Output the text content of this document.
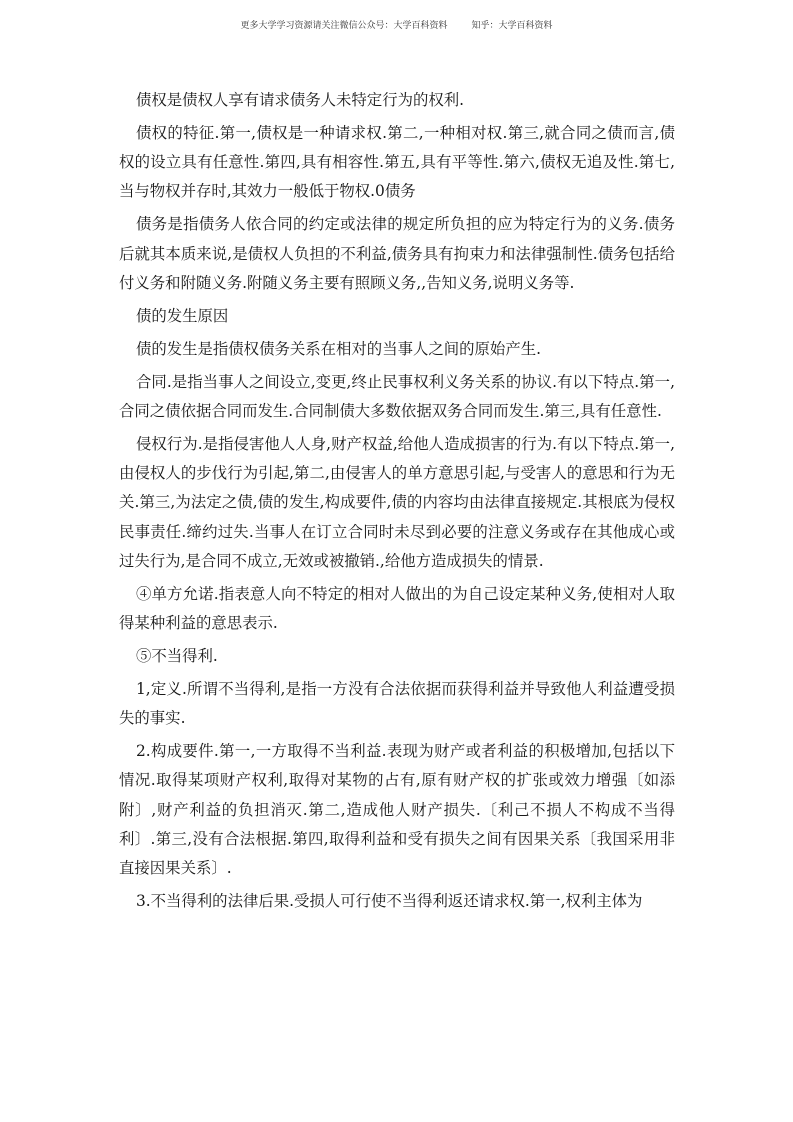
更多大学学习资源请关注微信公众号：大学百科资料	知乎：大学百科资料

债权是债权人享有请求债务人未特定行为的权利.

债权的特征.第一,债权是一种请求权.第二,一种相对权.第三,就合同之债而言,债权的设立具有任意性.第四,具有相容性.第五,具有平等性.第六,债权无追及性.第七,当与物权并存时,其效力一般低于物权.0债务

债务是指债务人依合同的约定或法律的规定所负担的应为特定行为的义务.债务后就其本质来说,是债权人负担的不利益,债务具有拘束力和法律强制性.债务包括给付义务和附随义务.附随义务主要有照顾义务,,告知义务,说明义务等.

债的发生原因

债的发生是指债权债务关系在相对的当事人之间的原始产生.

合同.是指当事人之间设立,变更,终止民事权利义务关系的协议.有以下特点.第一,合同之债依据合同而发生.合同制债大多数依据双务合同而发生.第三,具有任意性.

侵权行为.是指侵害他人人身,财产权益,给他人造成损害的行为.有以下特点.第一,由侵权人的步伐行为引起,第二,由侵害人的单方意思引起,与受害人的意思和行为无关.第三,为法定之债,债的发生,构成要件,债的内容均由法律直接规定.其根底为侵权民事责任.缔约过失.当事人在订立合同时未尽到必要的注意义务或存在其他成心或过失行为,是合同不成立,无效或被撤销.,给他方造成损失的情景.

④单方允诺.指表意人向不特定的相对人做出的为自己设定某种义务,使相对人取得某种利益的意思表示.

⑤不当得利.

1,定义.所谓不当得利,是指一方没有合法依据而获得利益并导致他人利益遭受损失的事实.

2.构成要件.第一,一方取得不当利益.表现为财产或者利益的积极增加,包括以下情况.取得某项财产权利,取得对某物的占有,原有财产权的扩张或效力增强〔如添附〕,财产利益的负担消灭.第二,造成他人财产损失.〔利己不损人不构成不当得利〕.第三,没有合法根据.第四,取得利益和受有损失之间有因果关系〔我国采用非直接因果关系〕.

3.不当得利的法律后果.受损人可行使不当得利返还请求权.第一,权利主体为
